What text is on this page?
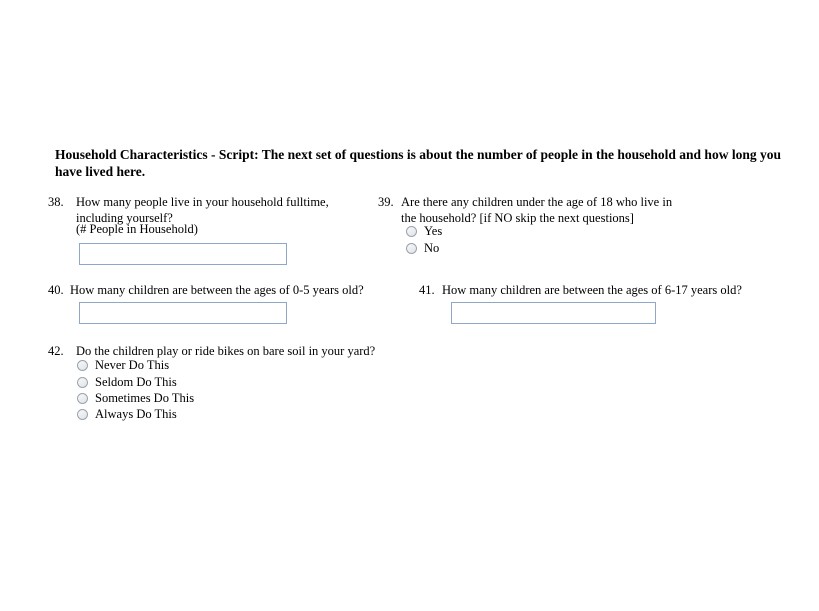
Household Characteristics - Script: The next set of questions is about the number of people in the household and how long you have lived here.
38. How many people live in your household fulltime, including yourself?
(# People in Household)
39. Are there any children under the age of 18 who live in the household? [if NO skip the next questions]
Yes
No
40. How many children are between the ages of 0-5 years old?	41. How many children are between the ages of 6-17 years old?
42. Do the children play or ride bikes on bare soil in your yard?
Never Do This
Seldom Do This
Sometimes Do This
Always Do This
